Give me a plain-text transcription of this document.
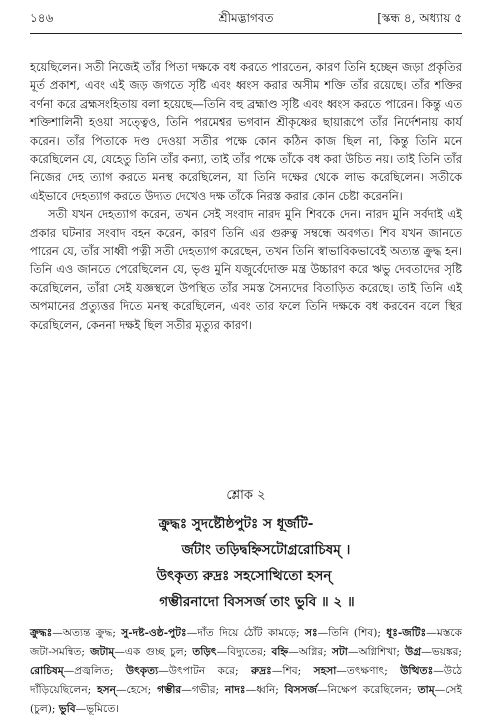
১৪৬	শ্রীমদ্ভাগবত	[স্কন্ধ ৪, অধ্যায় ৫

হয়েছিলেন। সতী নিজেই তাঁর পিতা দক্ষকে বধ করতে পারতেন, কারণ তিনি হচ্ছেন জড়া প্রকৃতির মূর্ত প্রকাশ, এবং এই জড় জগতে সৃষ্টি এবং ধ্বংস করার অসীম শক্তি তাঁর রয়েছে। তাঁর শক্তির বর্ণনা করে ব্রহ্মসংহিতায় বলা হয়েছে—তিনি বহু ব্রহ্মাণ্ড সৃষ্টি এবং ধ্বংস করতে পারেন। কিন্তু এত শক্তিশালিনী হওয়া সত্ত্বেও, তিনি পরমেশ্বর ভগবান শ্রীকৃষ্ণের ছায়ারূপে তাঁর নির্দেশনায় কার্য করেন। তাঁর পিতাকে দণ্ড দেওয়া সতীর পক্ষে কোন কঠিন কাজ ছিল না, কিন্তু তিনি মনে করেছিলেন যে, যেহেতু তিনি তাঁর কন্যা, তাই তাঁর পক্ষে তাঁকে বধ করা উচিত নয়। তাই তিনি তাঁর নিজের দেহ ত্যাগ করতে মনস্থ করেছিলেন, যা তিনি দক্ষের থেকে লাভ করেছিলেন। সতীকে এইভাবে দেহত্যাগ করতে উদ্যত দেখেও দক্ষ তাঁকে নিরস্ত করার কোন চেষ্টা করেননি।

সতী যখন দেহত্যাগ করেন, তখন সেই সংবাদ নারদ মুনি শিবকে দেন। নারদ মুনি সর্বদাই এই প্রকার ঘটনার সংবাদ বহন করেন, কারণ তিনি এর গুরুত্ব সম্বন্ধে অবগত। শিব যখন জানতে পারেন যে, তাঁর সাধ্বী পত্নী সতী দেহত্যাগ করেছেন, তখন তিনি স্বাভাবিকভাবেই অত্যন্ত ক্রুদ্ধ হন। তিনি এও জানতে পেরেছিলেন যে, ভৃগু মুনি যজুর্বেদোক্ত মন্ত্র উচ্চারণ করে ঋভু দেবতাদের সৃষ্টি করেছিলেন, তাঁরা সেই যজ্ঞস্থলে উপস্থিত তাঁর সমস্ত সৈন্যদের বিতাড়িত করেছে। তাই তিনি এই অপমানের প্রত্যুত্তর দিতে মনস্থ করেছিলেন, এবং তার ফলে তিনি দক্ষকে বধ করবেন বলে স্থির করেছিলেন, কেননা দক্ষই ছিল সতীর মৃত্যুর কারণ।

শ্লোক ২
ক্রুদ্ধঃ সুদষ্টৌষ্ঠপুটঃ স ধূর্জটি-
র্জটাং তড়িদ্বহ্নিসটোগ্ররোচিষম্ ।
উৎকৃত্য রুদ্রঃ সহসোত্থিতো হসন্
গম্ভীরনাদো বিসসর্জ তাং ভুবি ॥ ২ ॥
ক্রুদ্ধঃ—অত্যন্ত ক্রুদ্ধ; সু-দষ্ট-ওষ্ঠ-পুটঃ—দাঁত দিয়ে ঠোঁট কামড়ে; সঃ—তিনি (শিব); ধূঃ-জটিঃ—মস্তকে জটা-সমন্বিত; জটাম্—এক গুচ্ছ চুল; তড়িৎ—বিদ্যুতের; বহ্নি—অগ্নির; সটা—অগ্নিশিখা; উগ্র—ভয়ঙ্কর; রোচিষম্—প্রজ্বলিত; উৎকৃত্য—উৎপাটন করে; রুদ্রঃ—শিব; সহসা—তৎক্ষণাৎ; উত্থিতঃ—উঠে দাঁড়িয়েছিলেন; হসন্—হেসে; গম্ভীর—গভীর; নাদঃ—ধ্বনি; বিসসর্জ—নিক্ষেপ করেছিলেন; তাম্—সেই (চুল); ভুবি—ভূমিতে।
